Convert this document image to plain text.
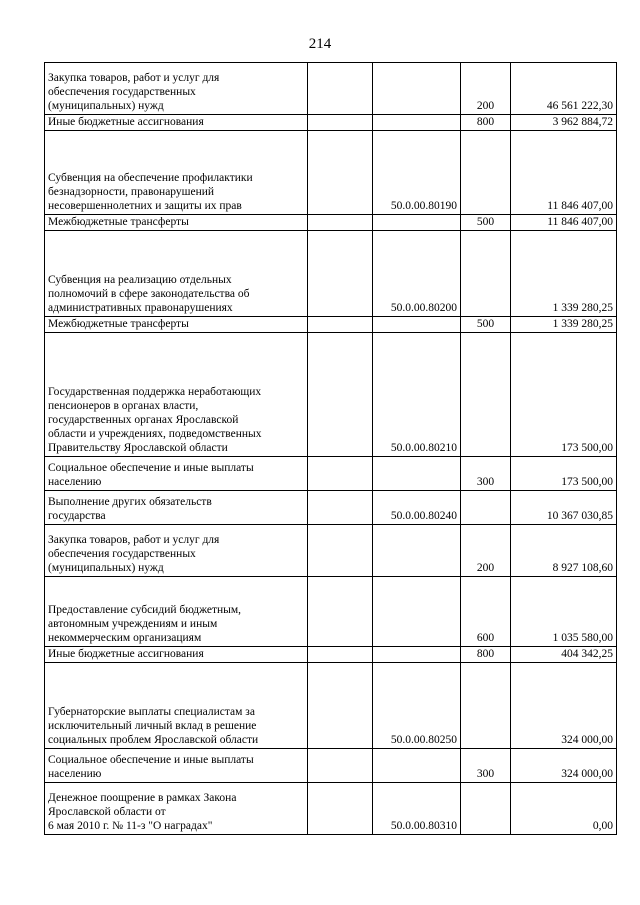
214
Закупка товаров, работ и услуг для
обеспечения государственных
(муниципальных) нужд			200	46 561 222,30
Иные бюджетные ассигнования			800	3 962 884,72
Субвенция на обеспечение профилактики
безнадзорности, правонарушений
несовершеннолетних и защиты их прав		50.0.00.80190		11 846 407,00
Межбюджетные трансферты			500	11 846 407,00
Субвенция на реализацию отдельных
полномочий в сфере законодательства об
административных правонарушениях		50.0.00.80200		1 339 280,25
Межбюджетные трансферты			500	1 339 280,25
Государственная поддержка неработающих
пенсионеров в органах власти,
государственных органах Ярославской
области и учреждениях, подведомственных
Правительству Ярославской области		50.0.00.80210		173 500,00
Социальное обеспечение и иные выплаты
населению			300	173 500,00
Выполнение других обязательств
государства		50.0.00.80240		10 367 030,85
Закупка товаров, работ и услуг для
обеспечения государственных
(муниципальных) нужд			200	8 927 108,60
Предоставление субсидий бюджетным,
автономным учреждениям и иным
некоммерческим организациям			600	1 035 580,00
Иные бюджетные ассигнования			800	404 342,25
Губернаторские выплаты специалистам за
исключительный личный вклад в решение
социальных проблем Ярославской области		50.0.00.80250		324 000,00
Социальное обеспечение и иные выплаты
населению			300	324 000,00
Денежное поощрение в рамках Закона
Ярославской области от
6 мая 2010 г. № 11-з "О наградах"		50.0.00.80310		0,00
